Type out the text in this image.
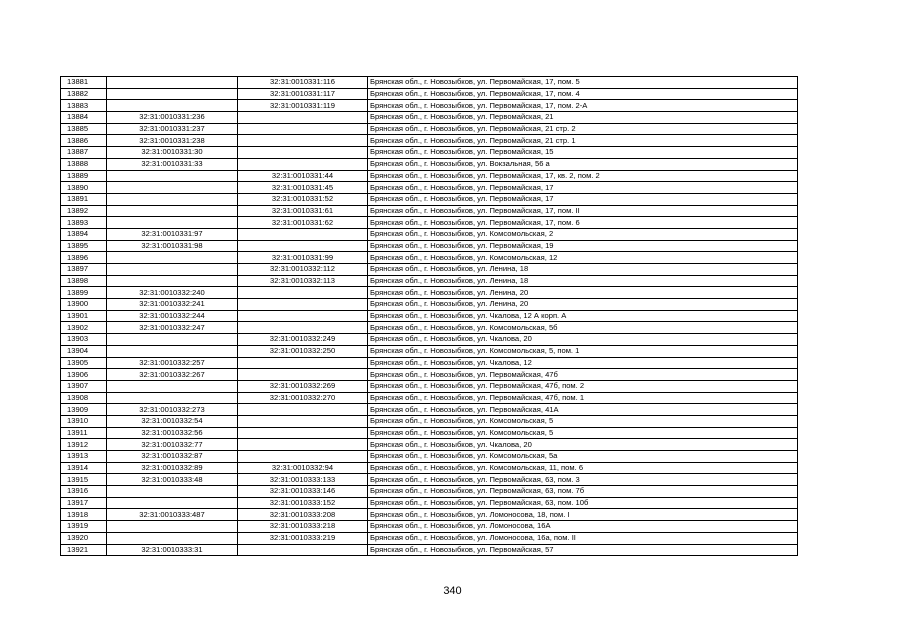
13881		32:31:0010331:116	Брянская обл., г. Новозыбков, ул. Первомайская, 17, пом. 5
13882		32:31:0010331:117	Брянская обл., г. Новозыбков, ул. Первомайская, 17, пом. 4
13883		32:31:0010331:119	Брянская обл., г. Новозыбков, ул. Первомайская, 17, пом. 2-А
13884	32:31:0010331:236		Брянская обл., г. Новозыбков, ул. Первомайская, 21
13885	32:31:0010331:237		Брянская обл., г. Новозыбков, ул. Первомайская, 21 стр. 2
13886	32:31:0010331:238		Брянская обл., г. Новозыбков, ул. Первомайская, 21 стр. 1
13887	32:31:0010331:30		Брянская обл., г. Новозыбков, ул. Первомайская, 15
13888	32:31:0010331:33		Брянская обл., г. Новозыбков, ул. Вокзальная, 56 а
13889		32:31:0010331:44	Брянская обл., г. Новозыбков, ул. Первомайская, 17, кв. 2, пом. 2
13890		32:31:0010331:45	Брянская обл., г. Новозыбков, ул. Первомайская, 17
13891		32:31:0010331:52	Брянская обл., г. Новозыбков, ул. Первомайская, 17
13892		32:31:0010331:61	Брянская обл., г. Новозыбков, ул. Первомайская, 17, пом. II
13893		32:31:0010331:62	Брянская обл., г. Новозыбков, ул. Первомайская, 17, пом. 6
13894	32:31:0010331:97		Брянская обл., г. Новозыбков, ул. Комсомольская, 2
13895	32:31:0010331:98		Брянская обл., г. Новозыбков, ул. Первомайская, 19
13896		32:31:0010331:99	Брянская обл., г. Новозыбков, ул. Комсомольская, 12
13897		32:31:0010332:112	Брянская обл., г. Новозыбков, ул. Ленина, 18
13898		32:31:0010332:113	Брянская обл., г. Новозыбков, ул. Ленина, 18
13899	32:31:0010332:240		Брянская обл., г. Новозыбков, ул. Ленина, 20
13900	32:31:0010332:241		Брянская обл., г. Новозыбков, ул. Ленина, 20
13901	32:31:0010332:244		Брянская обл., г. Новозыбков, ул. Чкалова, 12 А корп. А
13902	32:31:0010332:247		Брянская обл., г. Новозыбков, ул. Комсомольская, 5б
13903		32:31:0010332:249	Брянская обл., г. Новозыбков, ул. Чкалова, 20
13904		32:31:0010332:250	Брянская обл., г. Новозыбков, ул. Комсомольская, 5, пом. 1
13905	32:31:0010332:257		Брянская обл., г. Новозыбков, ул. Чкалова, 12
13906	32:31:0010332:267		Брянская обл., г. Новозыбков, ул. Первомайская, 47б
13907		32:31:0010332:269	Брянская обл., г. Новозыбков, ул. Первомайская, 47б, пом. 2
13908		32:31:0010332:270	Брянская обл., г. Новозыбков, ул. Первомайская, 47б, пом. 1
13909	32:31:0010332:273		Брянская обл., г. Новозыбков, ул. Первомайская, 41А
13910	32:31:0010332:54		Брянская обл., г. Новозыбков, ул. Комсомольская, 5
13911	32:31:0010332:56		Брянская обл., г. Новозыбков, ул. Комсомольская, 5
13912	32:31:0010332:77		Брянская обл., г. Новозыбков, ул. Чкалова, 20
13913	32:31:0010332:87		Брянская обл., г. Новозыбков, ул. Комсомольская, 5а
13914	32:31:0010332:89	32:31:0010332:94	Брянская обл., г. Новозыбков, ул. Комсомольская, 11, пом. 6
13915	32:31:0010333:48	32:31:0010333:133	Брянская обл., г. Новозыбков, ул. Первомайская, 63, пом. 3
13916		32:31:0010333:146	Брянская обл., г. Новозыбков, ул. Первомайская, 63, пом. 7б
13917		32:31:0010333:152	Брянская обл., г. Новозыбков, ул. Первомайская, 63, пом. 10б
13918	32:31:0010333:487	32:31:0010333:208	Брянская обл., г. Новозыбков, ул. Ломоносова, 18, пом. I
13919		32:31:0010333:218	Брянская обл., г. Новозыбков, ул. Ломоносова, 16А
13920		32:31:0010333:219	Брянская обл., г. Новозыбков, ул. Ломоносова, 16а, пом. II
13921	32:31:0010333:31		Брянская обл., г. Новозыбков, ул. Первомайская, 57
340
